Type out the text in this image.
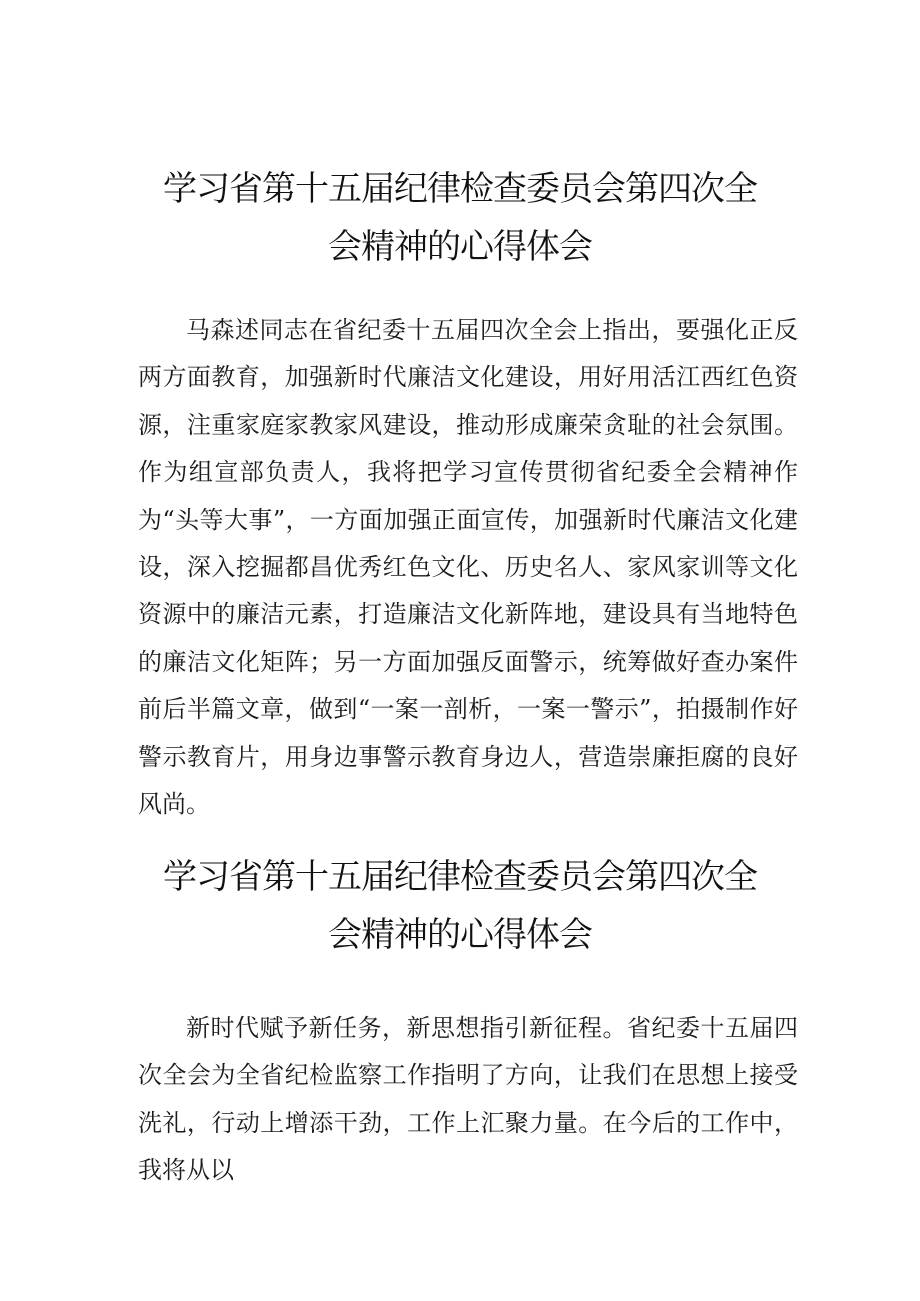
学习省第十五届纪律检查委员会第四次全
会精神的心得体会

马森述同志在省纪委十五届四次全会上指出，要强化正反两方面教育，加强新时代廉洁文化建设，用好用活江西红色资源，注重家庭家教家风建设，推动形成廉荣贪耻的社会氛围。作为组宣部负责人，我将把学习宣传贯彻省纪委全会精神作为“头等大事”，一方面加强正面宣传，加强新时代廉洁文化建设，深入挖掘都昌优秀红色文化、历史名人、家风家训等文化资源中的廉洁元素，打造廉洁文化新阵地，建设具有当地特色的廉洁文化矩阵；另一方面加强反面警示，统筹做好查办案件前后半篇文章，做到“一案一剖析，一案一警示”，拍摄制作好警示教育片，用身边事警示教育身边人，营造崇廉拒腐的良好风尚。

学习省第十五届纪律检查委员会第四次全
会精神的心得体会

新时代赋予新任务，新思想指引新征程。省纪委十五届四次全会为全省纪检监察工作指明了方向，让我们在思想上接受洗礼，行动上增添干劲，工作上汇聚力量。在今后的工作中，我将从以
